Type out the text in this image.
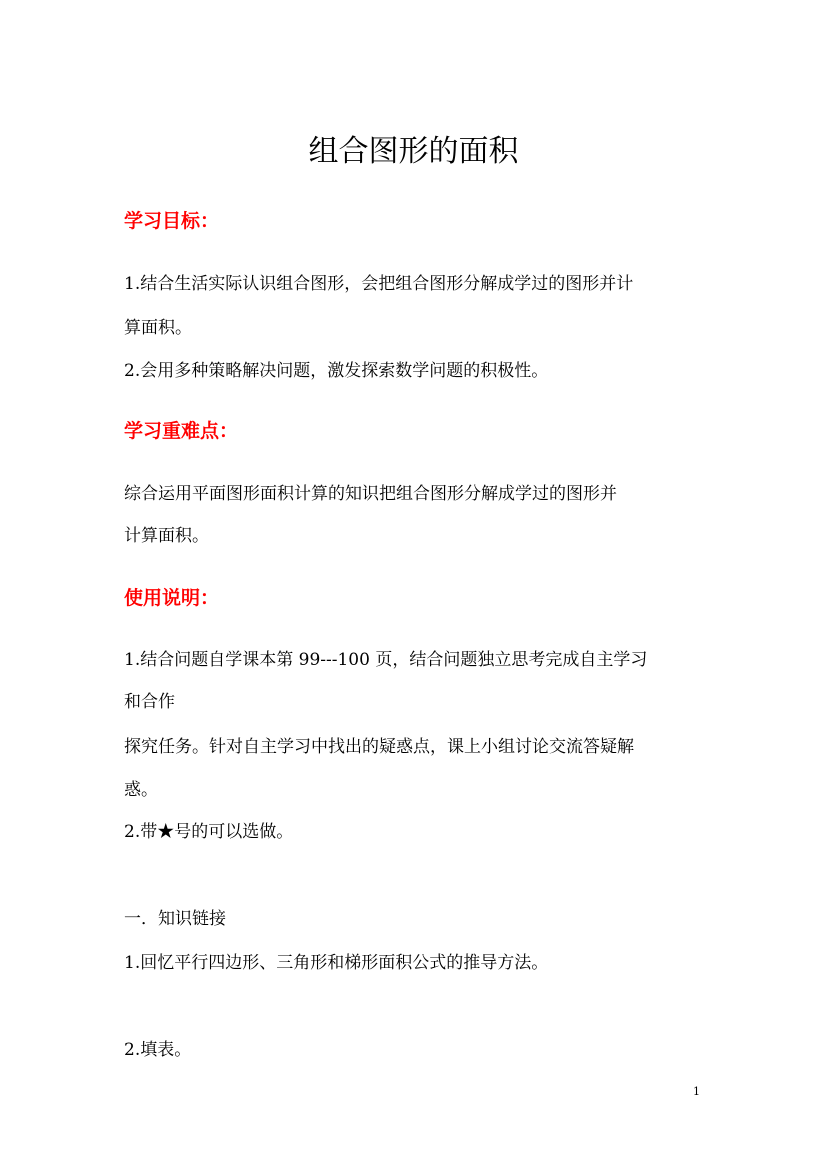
组合图形的面积
学习目标：

1.结合生活实际认识组合图形，会把组合图形分解成学过的图形并计

算面积。

2.会用多种策略解决问题，激发探索数学问题的积极性。

学习重难点：

综合运用平面图形面积计算的知识把组合图形分解成学过的图形并

计算面积。

使用说明：

1.结合问题自学课本第 99---100 页，结合问题独立思考完成自主学习

和合作

探究任务。针对自主学习中找出的疑惑点，课上小组讨论交流答疑解

惑。

2.带★号的可以选做。

一．知识链接

1.回忆平行四边形、三角形和梯形面积公式的推导方法。

2.填表。

1
